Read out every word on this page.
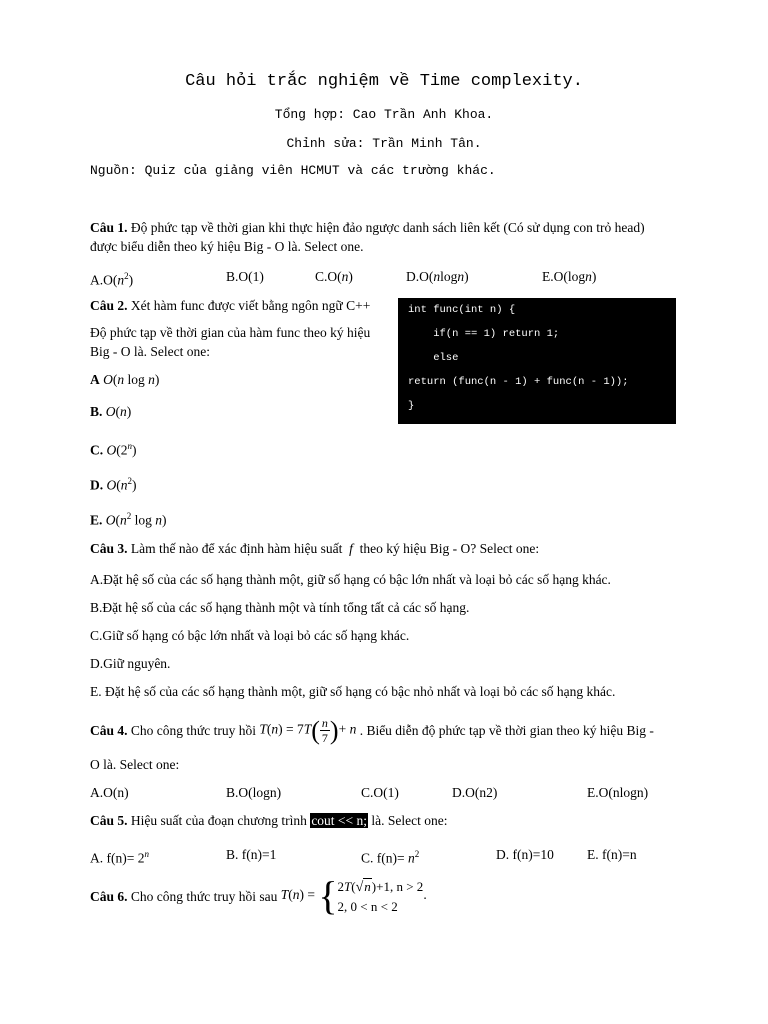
Câu hỏi trắc nghiệm về Time complexity.
Tổng hợp: Cao Trần Anh Khoa.
Chỉnh sửa: Trần Minh Tân.
Nguồn: Quiz của giảng viên HCMUT và các trường khác.
Câu 1. Độ phức tạp về thời gian khi thực hiện đảo ngược danh sách liên kết (Có sử dụng con trỏ head)
được biểu diễn theo ký hiệu Big - O là. Select one.
$A.O(n^2)$	B.O(1)	C.O(n)	D.O(nlogn)	E.O(logn)
Câu 2. Xét hàm func được viết bằng ngôn ngữ C++
Độ phức tạp về thời gian của hàm func theo ký hiệu
Big - O là. Select one:
A O(n log n)
B. O(n)
C. O(2$^n$)
D. $O(n^2)$
E. $O(n^2$ log n)
int func(int n) {
if(n == 1) return 1;
else
return (func(n - 1) + func(n - 1));
}
Câu 3. Làm thế nào để xác định hàm hiệu suất f theo ký hiệu Big - O? Select one:
A.Đặt hệ số của các số hạng thành một, giữ số hạng có bậc lớn nhất và loại bỏ các số hạng khác.
B.Đặt hệ số của các số hạng thành một và tính tổng tất cả các số hạng.
C.Giữ số hạng có bậc lớn nhất và loại bỏ các số hạng khác.
D.Giữ nguyên.
E. Đặt hệ số của các số hạng thành một, giữ số hạng có bậc nhỏ nhất và loại bỏ các số hạng khác.
Câu 4.
Cho công thức truy hồi
$T(n) = 7T( \frac{n}{7}$ )+ n
. Biểu diễn độ phức tạp về thời gian theo ký hiệu Big -
O là. Select one:
A.O(n)	B.O(logn)	C.O(1)	D.O(n2)	E.O(nlogn)
Câu 5. Hiệu suất của đoạn chương trình cout << n; là. Select one:
A. $f(n)= 2^n$	B. f(n)=1	C. $f(n)= n^2$	D. f(n)=10 E. f(n)=n
Câu 6.
Cho công thức truy hồi sau
T(n) = { 2T(√n)+1, n > 2
2, 0 < n < 2
.
